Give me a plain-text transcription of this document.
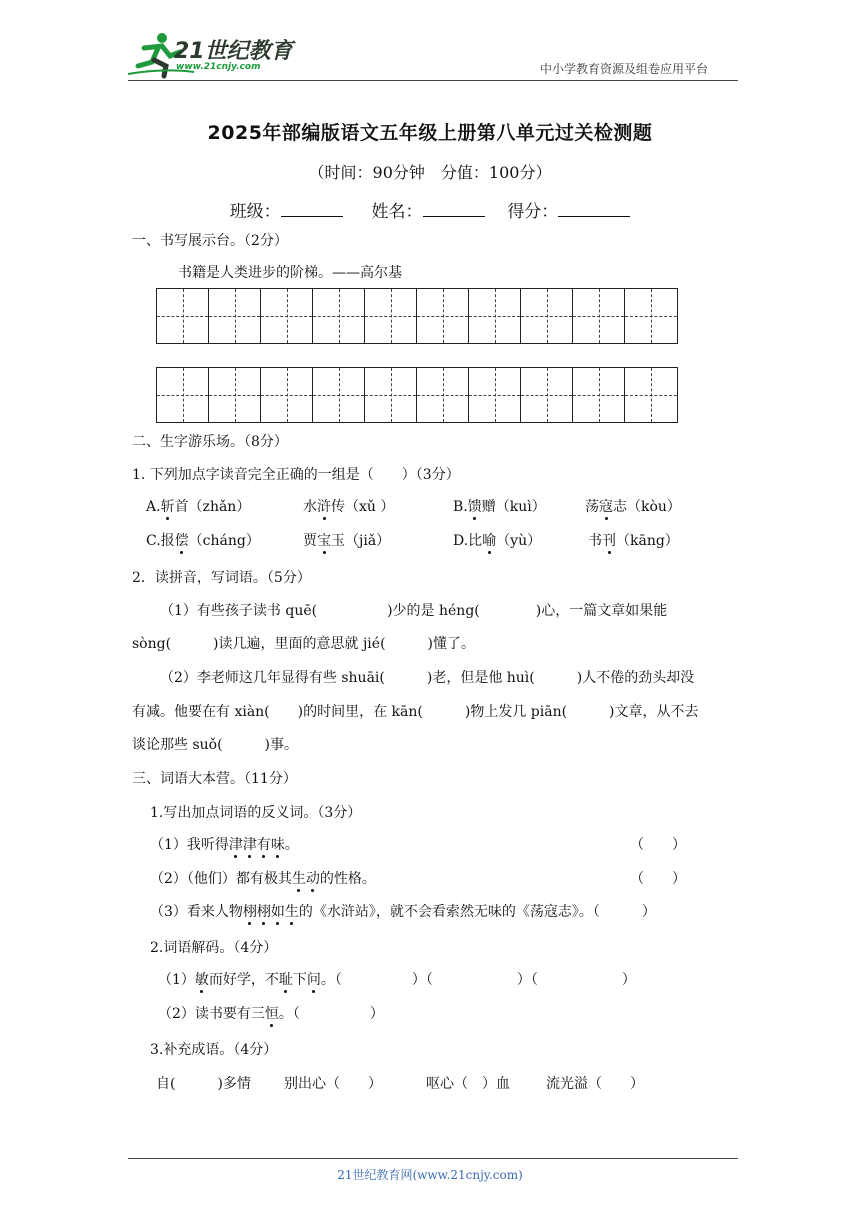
21世纪教育
www.21cnjy.com	中小学教育资源及组卷应用平台
2025年部编版语文五年级上册第八单元过关检测题
（时间：90分钟　分值：100分）
班级：	姓名：	得分：
一、书写展示台。（2分）
书籍是人类进步的阶梯。——高尔基
二、生字游乐场。（8分）
1. 下列加点字读音完全正确的一组是（　　）（3分）
A.斩首（zhǎn）	水浒传（xǔ ）	B.馈赠（kuì）	荡寇志（kòu）
C.报偿（cháng）	贾宝玉（jiǎ）	D.比喻（yù）	书刊（kāng）
2．读拼音，写词语。（5分）
（1）有些孩子读书 quē(　　　　　)少的是 héng(　　　　)心，一篇文章如果能
sòng(　　　)读几遍，里面的意思就 jié(　　　)懂了。
（2）李老师这几年显得有些 shuāi(　　　)老，但是他 huì(　　　)人不倦的劲头却没
有减。他要在有 xiàn(　　)的时间里，在 kān(　　　)物上发几 piān(　　　)文章，从不去
谈论那些 suǒ(　　　)事。
三、词语大本营。（11分）
1.写出加点词语的反义词。（3分）
（1）我听得津津有味。	（　　）
（2）（他们）都有极其生动的性格。	（　　）
（3）看来人物栩栩如生的《水浒站》，就不会看索然无味的《荡寇志》。（　　　）
2.词语解码。（4分）
（1）敏而好学，不耻下问。（　　　　　）（　　　　　　）（　　　　　　）
（2）读书要有三恒。（　　　　　）
3.补充成语。（4分）
自(　　　)多情 别出心（　　）	呕心（　）血	流光溢（　　）
21世纪教育网(www.21cnjy.com)
